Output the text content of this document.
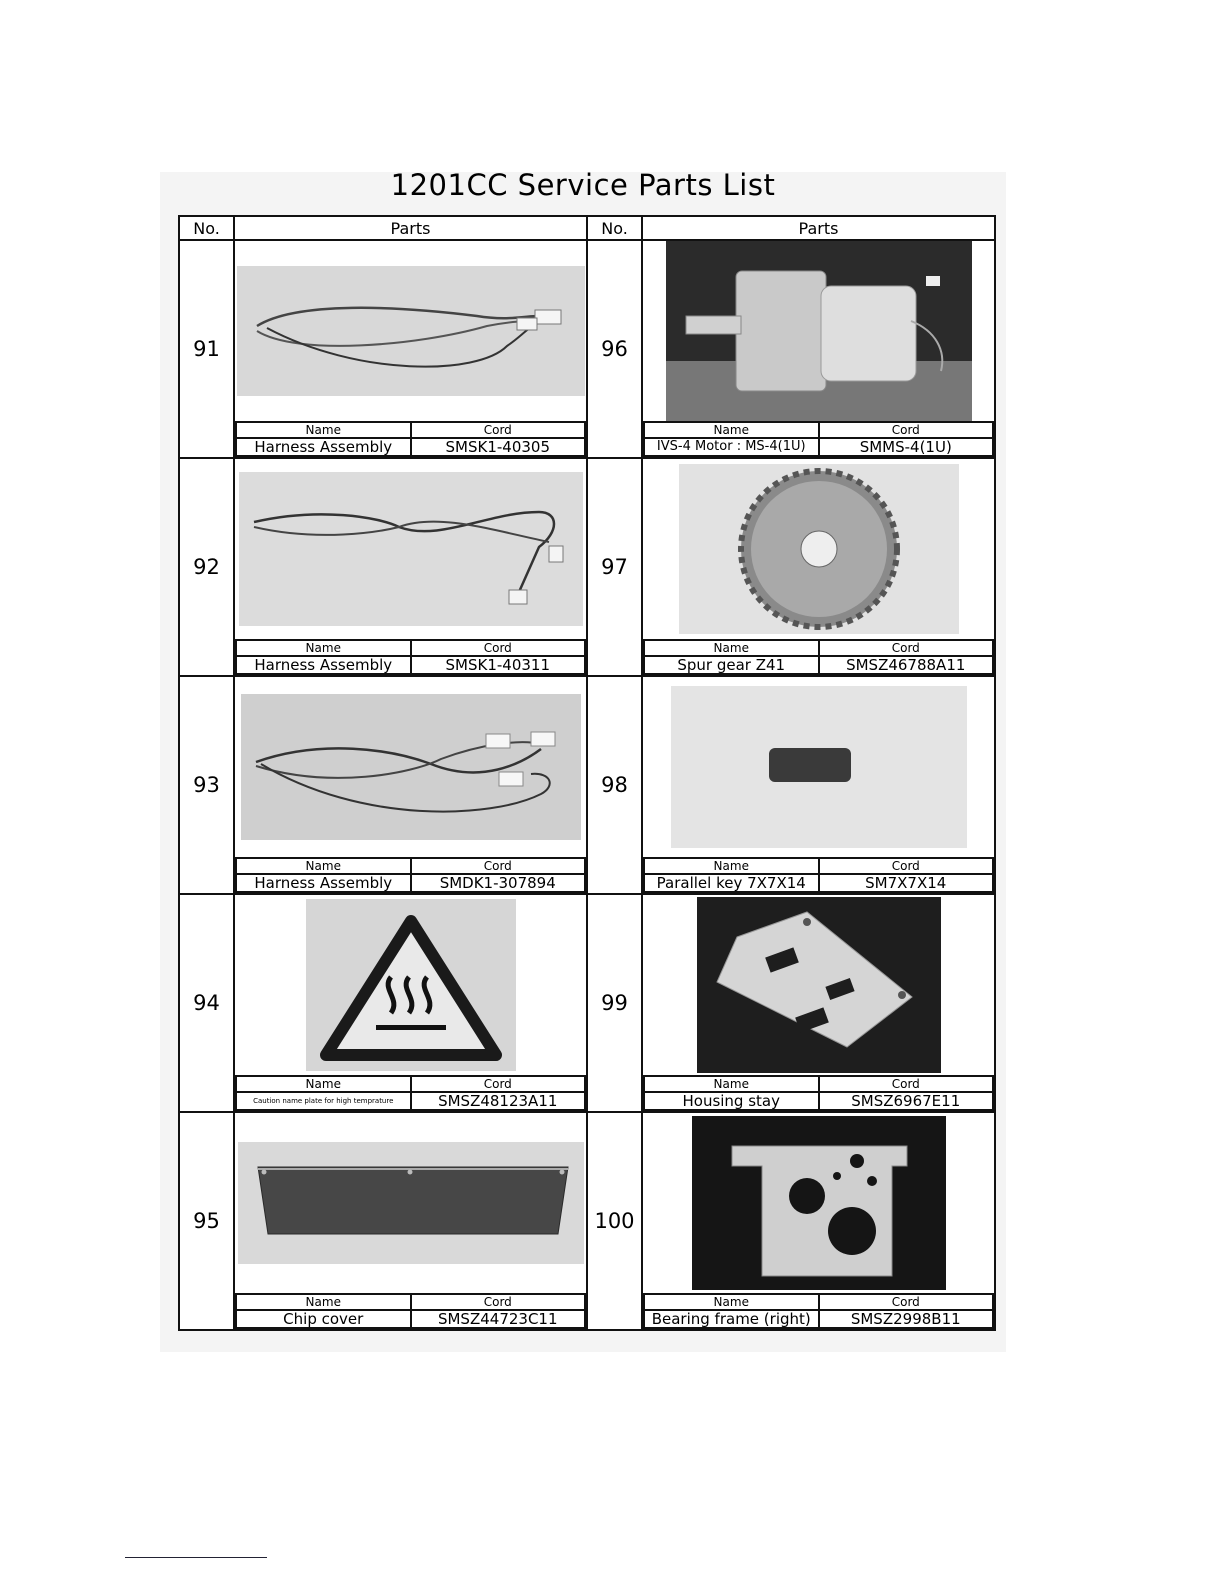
1201CC Service Parts List
No.	Parts	No.	Parts
91	
Name	Cord
Harness Assembly	SMSK1-40305
	96	
Name	Cord
IVS-4 Motor : MS-4(1U)	SMMS-4(1U)

92	
Name	Cord
Harness Assembly	SMSK1-40311
	97	
Name	Cord
Spur gear Z41	SMSZ46788A11

93	
Name	Cord
Harness Assembly	SMDK1-307894
	98	
Name	Cord
Parallel key 7X7X14	SM7X7X14

94	
Name	Cord
Caution name plate for high temprature	SMSZ48123A11
	99	
Name	Cord
Housing stay	SMSZ6967E11

95	
Name	Cord
Chip cover	SMSZ44723C11
	100	
Name	Cord
Bearing frame (right)	SMSZ2998B11
